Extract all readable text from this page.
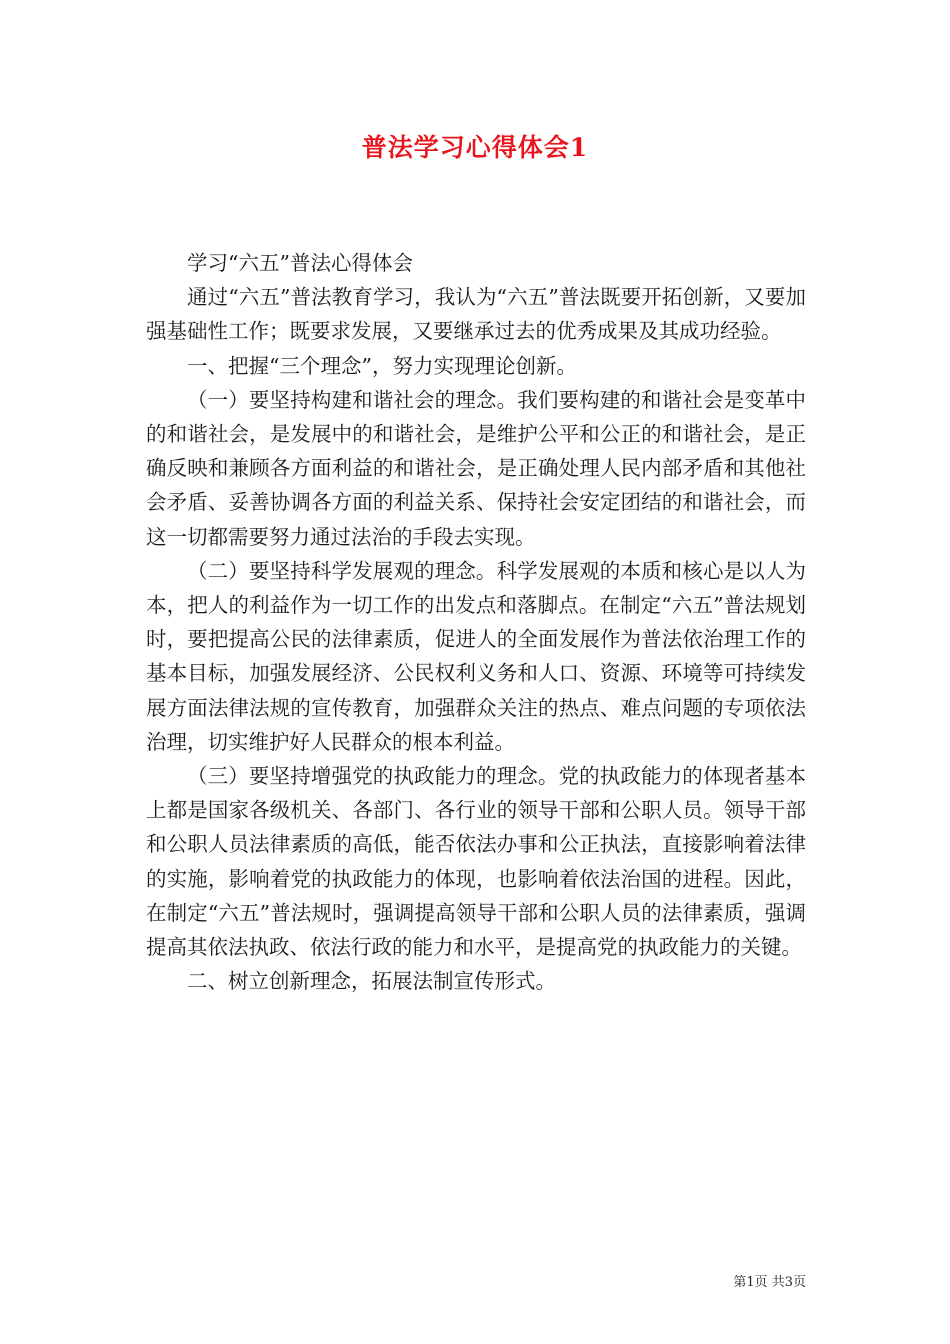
普法学习心得体会1

学习“六五”普法心得体会

通过“六五”普法教育学习，我认为“六五”普法既要开拓创新，又要加强基础性工作；既要求发展，又要继承过去的优秀成果及其成功经验。

一、把握“三个理念”，努力实现理论创新。

（一）要坚持构建和谐社会的理念。我们要构建的和谐社会是变革中的和谐社会，是发展中的和谐社会，是维护公平和公正的和谐社会，是正确反映和兼顾各方面利益的和谐社会，是正确处理人民内部矛盾和其他社会矛盾、妥善协调各方面的利益关系、保持社会安定团结的和谐社会，而这一切都需要努力通过法治的手段去实现。

（二）要坚持科学发展观的理念。科学发展观的本质和核心是以人为本，把人的利益作为一切工作的出发点和落脚点。在制定“六五”普法规划时，要把提高公民的法律素质，促进人的全面发展作为普法依治理工作的基本目标，加强发展经济、公民权利义务和人口、资源、环境等可持续发展方面法律法规的宣传教育，加强群众关注的热点、难点问题的专项依法治理，切实维护好人民群众的根本利益。

（三）要坚持增强党的执政能力的理念。党的执政能力的体现者基本上都是国家各级机关、各部门、各行业的领导干部和公职人员。领导干部和公职人员法律素质的高低，能否依法办事和公正执法，直接影响着法律的实施，影响着党的执政能力的体现，也影响着依法治国的进程。因此，在制定“六五”普法规时，强调提高领导干部和公职人员的法律素质，强调提高其依法执政、依法行政的能力和水平，是提高党的执政能力的关键。

二、树立创新理念，拓展法制宣传形式。

第1页 共3页
